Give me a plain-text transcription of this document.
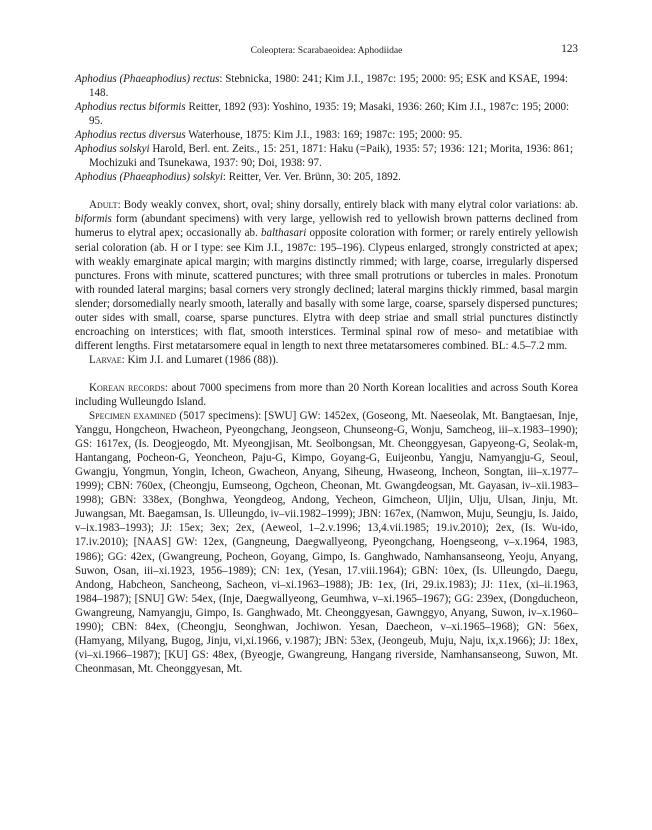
Coleoptera: Scarabaeoidea: Aphodiidae	123

Aphodius (Phaeaphodius) rectus: Stebnicka, 1980: 241; Kim J.I., 1987c: 195; 2000: 95; ESK and KSAE, 1994: 148.

Aphodius rectus biformis Reitter, 1892 (93): Yoshino, 1935: 19; Masaki, 1936: 260; Kim J.I., 1987c: 195; 2000: 95.

Aphodius rectus diversus Waterhouse, 1875: Kim J.I., 1983: 169; 1987c: 195; 2000: 95.

Aphodius solskyi Harold, Berl. ent. Zeits., 15: 251, 1871: Haku (=Paik), 1935: 57; 1936: 121; Morita, 1936: 861; Mochizuki and Tsunekawa, 1937: 90; Doi, 1938: 97.

Aphodius (Phaeaphodius) solskyi: Reitter, Ver. Ver. Brünn, 30: 205, 1892.

Adult: Body weakly convex, short, oval; shiny dorsally, entirely black with many elytral color variations: ab. biformis form (abundant specimens) with very large, yellowish red to yellowish brown patterns declined from humerus to elytral apex; occasionally ab. balthasari opposite coloration with former; or rarely entirely yellowish serial coloration (ab. H or I type: see Kim J.I., 1987c: 195–196). Clypeus enlarged, strongly constricted at apex; with weakly emarginate apical margin; with margins distinctly rimmed; with large, coarse, irregularly dispersed punctures. Frons with minute, scattered punctures; with three small protrutions or tubercles in males. Pronotum with rounded lateral margins; basal corners very strongly declined; lateral margins thickly rimmed, basal margin slender; dorsomedially nearly smooth, laterally and basally with some large, coarse, sparsely dispersed punctures; outer sides with small, coarse, sparse punctures. Elytra with deep striae and small strial punctures distinctly encroaching on interstices; with flat, smooth interstices. Terminal spinal row of meso- and metatibiae with different lengths. First metatarsomere equal in length to next three metatarsomeres combined. BL: 4.5–7.2 mm.

Larvae: Kim J.I. and Lumaret (1986 (88)).

Korean records: about 7000 specimens from more than 20 North Korean localities and across South Korea including Wulleungdo Island.

Specimen examined (5017 specimens): [SWU] GW: 1452ex, (Goseong, Mt. Naeseolak, Mt. Bangtaesan, Inje, Yanggu, Hongcheon, Hwacheon, Pyeongchang, Jeongseon, Chunseong-G, Wonju, Samcheog, iii–x.1983–1990); GS: 1617ex, (Is. Deogjeogdo, Mt. Myeongjisan, Mt. Seolbongsan, Mt. Cheonggyesan, Gapyeong-G, Seolak-m, Hantangang, Pocheon-G, Yeoncheon, Paju-G, Kimpo, Goyang-G, Euijeonbu, Yangju, Namyangju-G, Seoul, Gwangju, Yongmun, Yongin, Icheon, Gwacheon, Anyang, Siheung, Hwaseong, Incheon, Songtan, iii–x.1977–1999); CBN: 760ex, (Cheongju, Eumseong, Ogcheon, Cheonan, Mt. Gwangdeogsan, Mt. Gayasan, iv–xii.1983–1998); GBN: 338ex, (Bonghwa, Yeongdeog, Andong, Yecheon, Gimcheon, Uljin, Ulju, Ulsan, Jinju, Mt. Juwangsan, Mt. Baegamsan, Is. Ulleungdo, iv–vii.1982–1999); JBN: 167ex, (Namwon, Muju, Seungju, Is. Jaido, v–ix.1983–1993); JJ: 15ex; 3ex; 2ex, (Aeweol, 1–2.v.1996; 13,4.vii.1985; 19.iv.2010); 2ex, (Is. Wu-ido, 17.iv.2010); [NAAS] GW: 12ex, (Gangneung, Daegwallyeong, Pyeongchang, Hoengseong, v–x.1964, 1983, 1986); GG: 42ex, (Gwangreung, Pocheon, Goyang, Gimpo, Is. Ganghwado, Namhansanseong, Yeoju, Anyang, Suwon, Osan, iii–xi.1923, 1956–1989); CN: 1ex, (Yesan, 17.viii.1964); GBN: 10ex, (Is. Ulleungdo, Daegu, Andong, Habcheon, Sancheong, Sacheon, vi–xi.1963–1988); JB: 1ex, (Iri, 29.ix.1983); JJ: 11ex, (xi–ii.1963, 1984–1987); [SNU] GW: 54ex, (Inje, Daegwallyeong, Geumhwa, v–xi.1965–1967); GG: 239ex, (Dongducheon, Gwangreung, Namyangju, Gimpo, Is. Ganghwado, Mt. Cheonggyesan, Gawnggyo, Anyang, Suwon, iv–x.1960–1990); CBN: 84ex, (Cheongju, Seonghwan, Jochiwon. Yesan, Daecheon, v–xi.1965–1968); GN: 56ex, (Hamyang, Milyang, Bugog, Jinju, vi,xi.1966, v.1987); JBN: 53ex, (Jeongeub, Muju, Naju, ix,x.1966); JJ: 18ex, (vi–xi.1966–1987); [KU] GS: 48ex, (Byeogje, Gwangreung, Hangang riverside, Namhansanseong, Suwon, Mt. Cheonmasan, Mt. Cheonggyesan, Mt.
